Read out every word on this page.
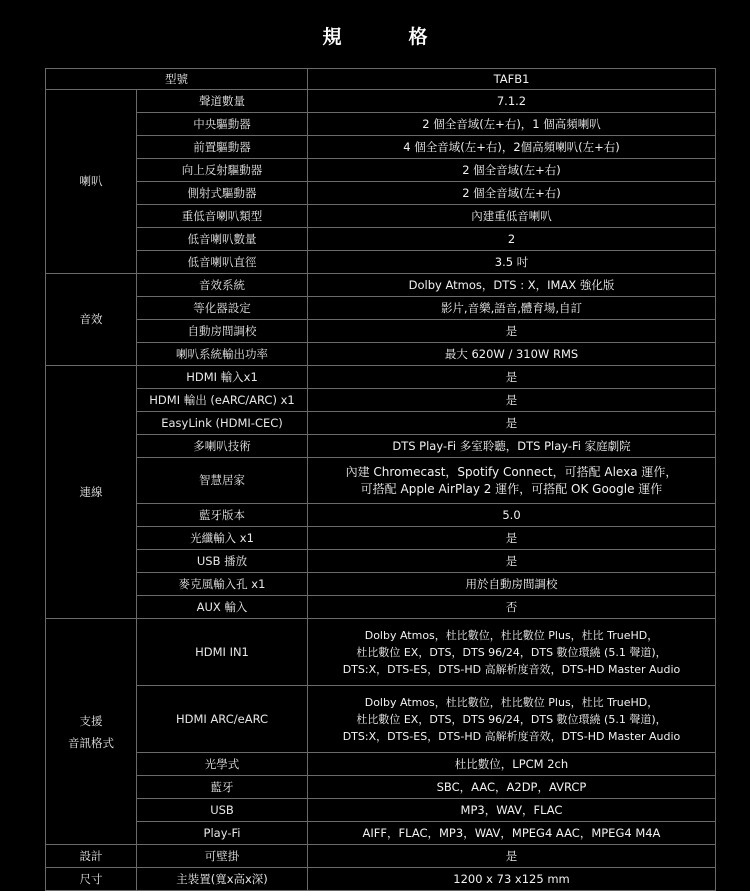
規　格
型號		TAFB1
喇叭	聲道數量	7.1.2
	中央驅動器	2 個全音域(左+右)，1 個高頻喇叭
	前置驅動器	4 個全音域(左+右)，2個高頻喇叭(左+右)
	向上反射驅動器	2 個全音域(左+右)
	側射式驅動器	2 個全音域(左+右)
	重低音喇叭類型	內建重低音喇叭
	低音喇叭數量	2
	低音喇叭直徑	3.5 吋
音效	音效系統	Dolby Atmos，DTS : X，IMAX 強化版
	等化器設定	影片,音樂,語音,體育場,自訂
	自動房間調校	是
	喇叭系統輸出功率	最大 620W / 310W RMS
連線	HDMI 輸入x1	是
	HDMI 輸出 (eARC/ARC) x1	是
	EasyLink (HDMI-CEC)	是
	多喇叭技術	DTS Play-Fi 多室聆聽，DTS Play-Fi 家庭劇院
	智慧居家	內建 Chromecast，Spotify Connect，可搭配 Alexa 運作，
可搭配 Apple AirPlay 2 運作，可搭配 OK Google 運作

	藍牙版本	5.0
	光纖輸入 x1	是
	USB 播放	是
	麥克風輸入孔 x1	用於自動房間調校
	AUX 輸入	否

支援
音訊格式	HDMI IN1	Dolby Atmos，杜比數位，杜比數位 Plus，杜比 TrueHD，
杜比數位 EX，DTS，DTS 96/24，DTS 數位環繞 (5.1 聲道)，
DTS:X，DTS-ES，DTS-HD 高解析度音效，DTS-HD Master Audio

	HDMI ARC/eARC	Dolby Atmos，杜比數位，杜比數位 Plus，杜比 TrueHD，
杜比數位 EX，DTS，DTS 96/24，DTS 數位環繞 (5.1 聲道)，
DTS:X，DTS-ES，DTS-HD 高解析度音效，DTS-HD Master Audio

	光學式	杜比數位，LPCM 2ch
	藍牙	SBC，AAC，A2DP，AVRCP
	USB	MP3，WAV，FLAC
	Play-Fi	AIFF，FLAC，MP3，WAV，MPEG4 AAC，MPEG4 M4A
設計	可壁掛	是
尺寸	主裝置(寬x高x深)	1200 x 73 x125 mm
